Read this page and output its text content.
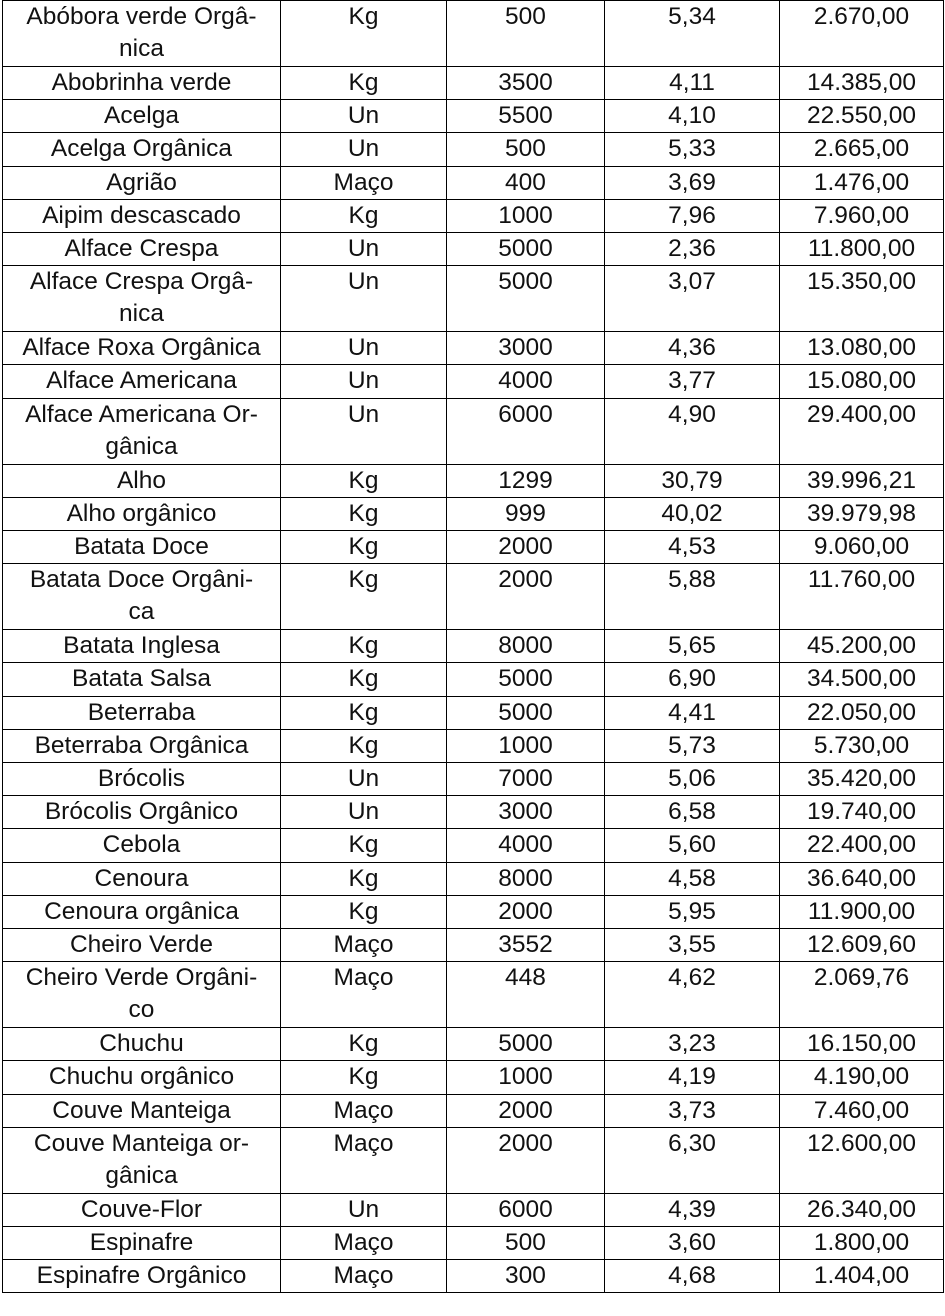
Abóbora verde Orgâ-
nica	Kg	500	5,34	2.670,00

Abobrinha verde	Kg	3500	4,11	14.385,00

Acelga	Un	5500	4,10	22.550,00

Acelga Orgânica	Un	500	5,33	2.665,00

Agrião	Maço	400	3,69	1.476,00

Aipim descascado	Kg	1000	7,96	7.960,00

Alface Crespa	Un	5000	2,36	11.800,00

Alface Crespa Orgâ-
nica	Un	5000	3,07	15.350,00

Alface Roxa Orgânica	Un	3000	4,36	13.080,00

Alface Americana	Un	4000	3,77	15.080,00

Alface Americana Or-
gânica	Un	6000	4,90	29.400,00

Alho	Kg	1299	30,79	39.996,21

Alho orgânico	Kg	999	40,02	39.979,98

Batata Doce	Kg	2000	4,53	9.060,00

Batata Doce Orgâni-
ca	Kg	2000	5,88	11.760,00

Batata Inglesa	Kg	8000	5,65	45.200,00

Batata Salsa	Kg	5000	6,90	34.500,00

Beterraba	Kg	5000	4,41	22.050,00

Beterraba Orgânica	Kg	1000	5,73	5.730,00

Brócolis	Un	7000	5,06	35.420,00

Brócolis Orgânico	Un	3000	6,58	19.740,00

Cebola	Kg	4000	5,60	22.400,00

Cenoura	Kg	8000	4,58	36.640,00

Cenoura orgânica	Kg	2000	5,95	11.900,00

Cheiro Verde	Maço	3552	3,55	12.609,60

Cheiro Verde Orgâni-
co	Maço	448	4,62	2.069,76

Chuchu	Kg	5000	3,23	16.150,00

Chuchu orgânico	Kg	1000	4,19	4.190,00

Couve Manteiga	Maço	2000	3,73	7.460,00

Couve Manteiga or-
gânica	Maço	2000	6,30	12.600,00

Couve-Flor	Un	6000	4,39	26.340,00

Espinafre	Maço	500	3,60	1.800,00

Espinafre Orgânico	Maço	300	4,68	1.404,00
